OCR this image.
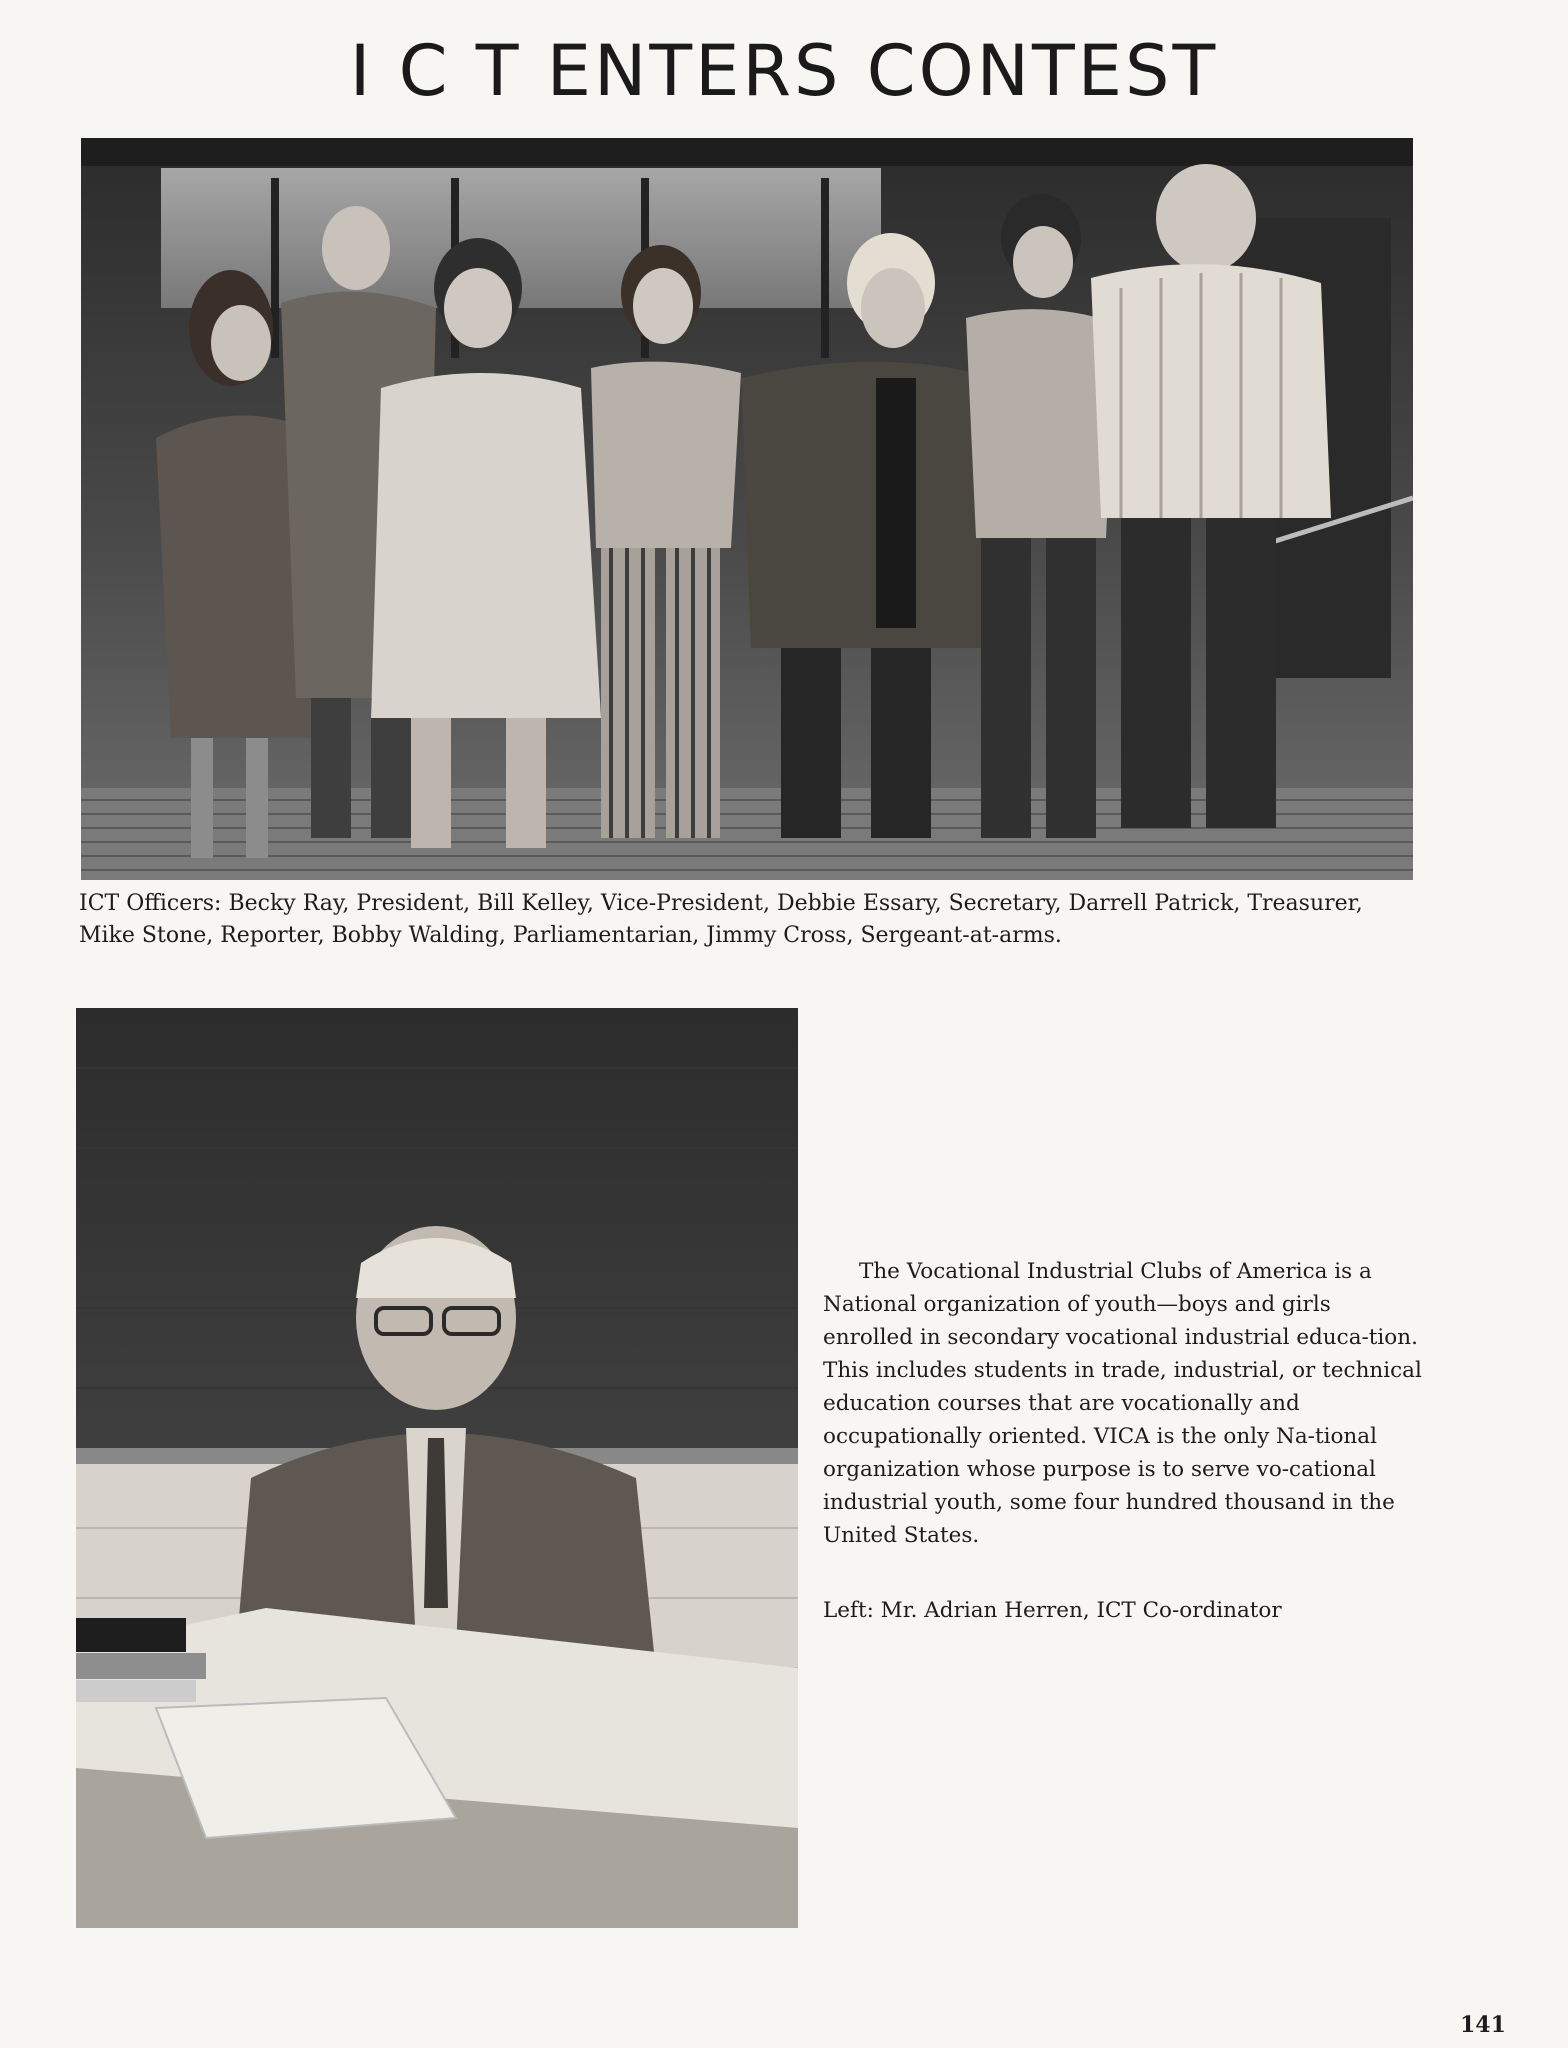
I C T ENTERS CONTEST
ICT Officers: Becky Ray, President, Bill Kelley, Vice-President, Debbie Essary, Secretary, Darrell Patrick, Treasurer, Mike Stone, Reporter, Bobby Walding, Parliamentarian, Jimmy Cross, Sergeant-at-arms.

The Vocational Industrial Clubs of America is a National organization of youth—boys and girls enrolled in secondary vocational industrial educa-tion. This includes students in trade, industrial, or technical education courses that are vocationally and occupationally oriented. VICA is the only Na-tional organization whose purpose is to serve vo-cational industrial youth, some four hundred thousand in the United States.

Left: Mr. Adrian Herren, ICT Co-ordinator
141
